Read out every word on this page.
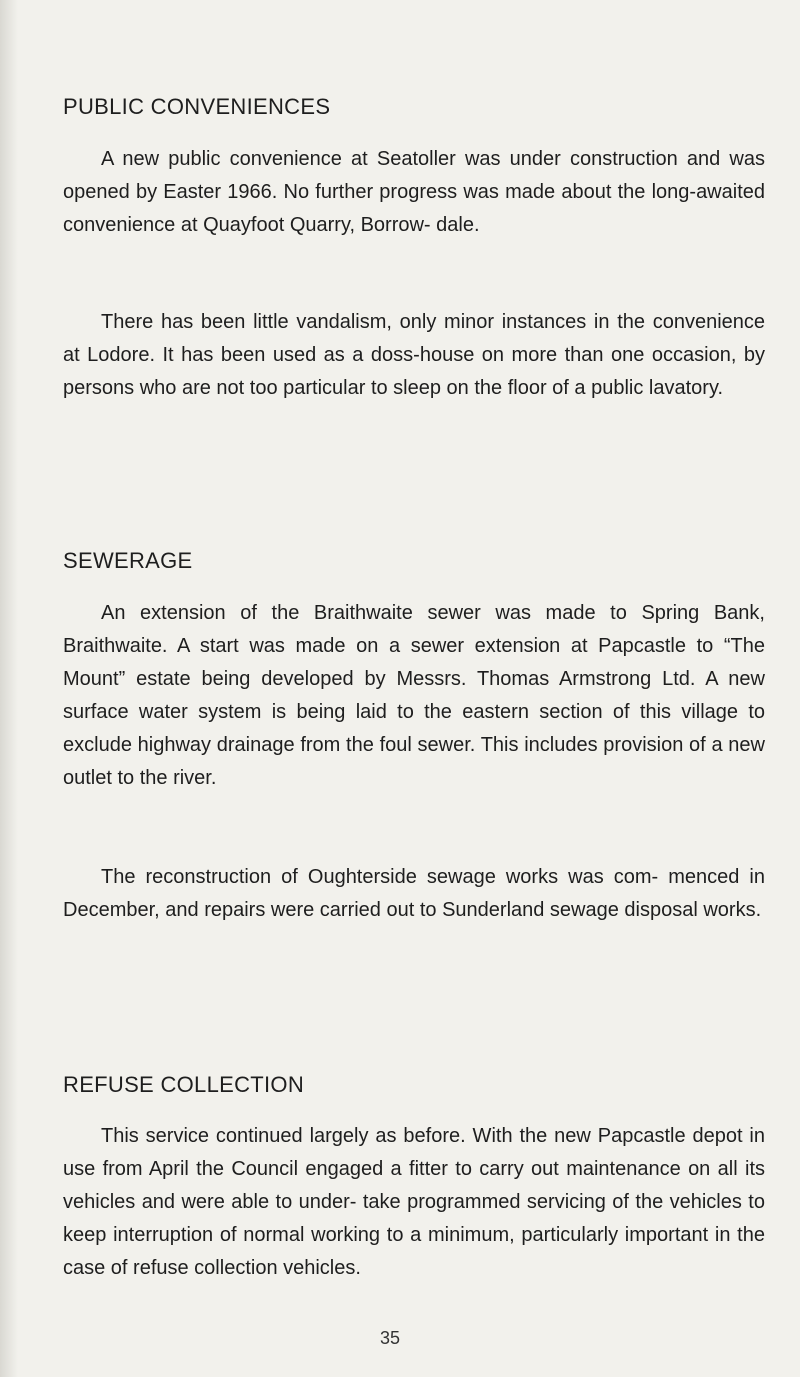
PUBLIC CONVENIENCES

A new public convenience at Seatoller was under construction and was opened by Easter 1966. No further progress was made about the long-awaited convenience at Quayfoot Quarry, Borrow- dale.

There has been little vandalism, only minor instances in the convenience at Lodore. It has been used as a doss-house on more than one occasion, by persons who are not too particular to sleep on the floor of a public lavatory.

SEWERAGE

An extension of the Braithwaite sewer was made to Spring Bank, Braithwaite. A start was made on a sewer extension at Papcastle to “The Mount” estate being developed by Messrs. Thomas Armstrong Ltd. A new surface water system is being laid to the eastern section of this village to exclude highway drainage from the foul sewer. This includes provision of a new outlet to the river.

The reconstruction of Oughterside sewage works was com- menced in December, and repairs were carried out to Sunderland sewage disposal works.

REFUSE COLLECTION

This service continued largely as before. With the new Papcastle depot in use from April the Council engaged a fitter to carry out maintenance on all its vehicles and were able to under- take programmed servicing of the vehicles to keep interruption of normal working to a minimum, particularly important in the case of refuse collection vehicles.

35
